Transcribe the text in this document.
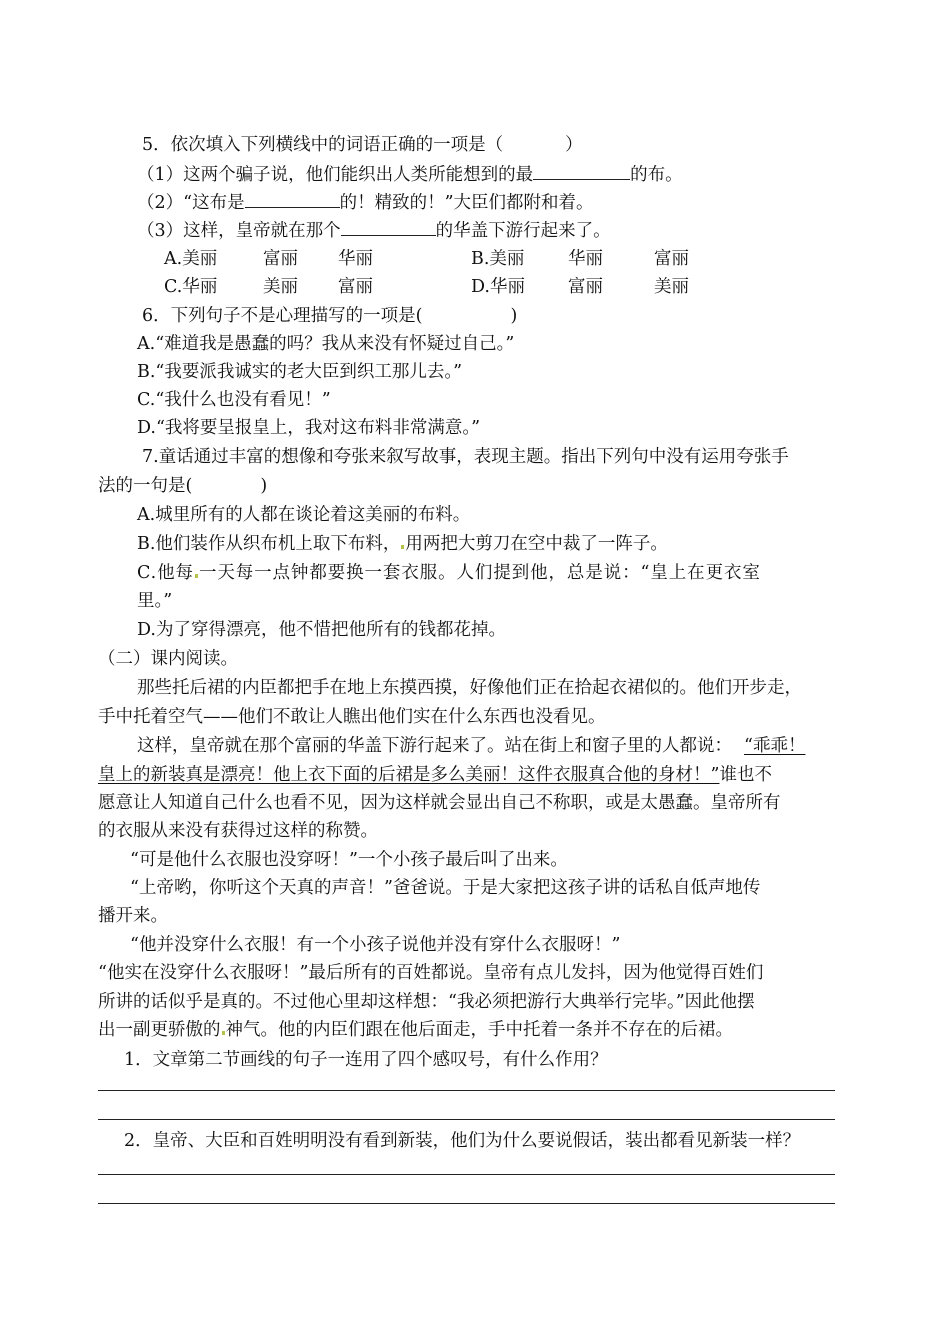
5．依次填入下列横线中的词语正确的一项是（	）
（1）这两个骗子说，他们能织出人类所能想到的最	的布。
（2）“这布是	的！精致的！”大臣们都附和着。
（3）这样，皇帝就在那个	的华盖下游行起来了。
A.美丽	富丽 华丽	B.美丽 华丽	富丽
C.华丽	美丽 富丽	D.华丽 富丽	美丽
6．下列句子不是心理描写的一项是(	)
A.“难道我是愚蠢的吗？我从来没有怀疑过自己。”
B.“我要派我诚实的老大臣到织工那儿去。”
C.“我什么也没有看见！”
D.“我将要呈报皇上，我对这布料非常满意。”
7.童话通过丰富的想像和夸张来叙写故事，表现主题。指出下列句中没有运用夸张手
法的一句是(	)
A.城里所有的人都在谈论着这美丽的布料。
B.他们装作从织布机上取下布料， 用两把大剪刀在空中裁了一阵子。
C.他每 一天每一点钟都要换一套衣服。人们提到他，总是说：“皇上在更衣室
里。”
D.为了穿得漂亮，他不惜把他所有的钱都花掉。
（二）课内阅读。
那些托后裙的内臣都把手在地上东摸西摸，好像他们正在拾起衣裙似的。他们开步走，
手中托着空气——他们不敢让人瞧出他们实在什么东西也没看见。
这样，皇帝就在那个富丽的华盖下游行起来了。站在街上和窗子里的人都说： “乖乖！
皇上的新装真是漂亮！他上衣下面的后裙是多么美丽！这件衣服真合他的身材！”谁也不
愿意让人知道自己什么也看不见，因为这样就会显出自己不称职，或是太愚蠢。皇帝所有
的衣服从来没有获得过这样的称赞。
“可是他什么衣服也没穿呀！”一个小孩子最后叫了出来。
“上帝哟，你听这个天真的声音！”爸爸说。于是大家把这孩子讲的话私自低声地传
播开来。
“他并没穿什么衣服！有一个小孩子说他并没有穿什么衣服呀！”
“他实在没穿什么衣服呀！”最后所有的百姓都说。皇帝有点儿发抖，因为他觉得百姓们
所讲的话似乎是真的。不过他心里却这样想：“我必须把游行大典举行完毕。”因此他摆
出一副更骄傲的 神气。他的内臣们跟在他后面走，手中托着一条并不存在的后裙。
1．文章第二节画线的句子一连用了四个感叹号，有什么作用？
2．皇帝、大臣和百姓明明没有看到新装，他们为什么要说假话，装出都看见新装一样？
